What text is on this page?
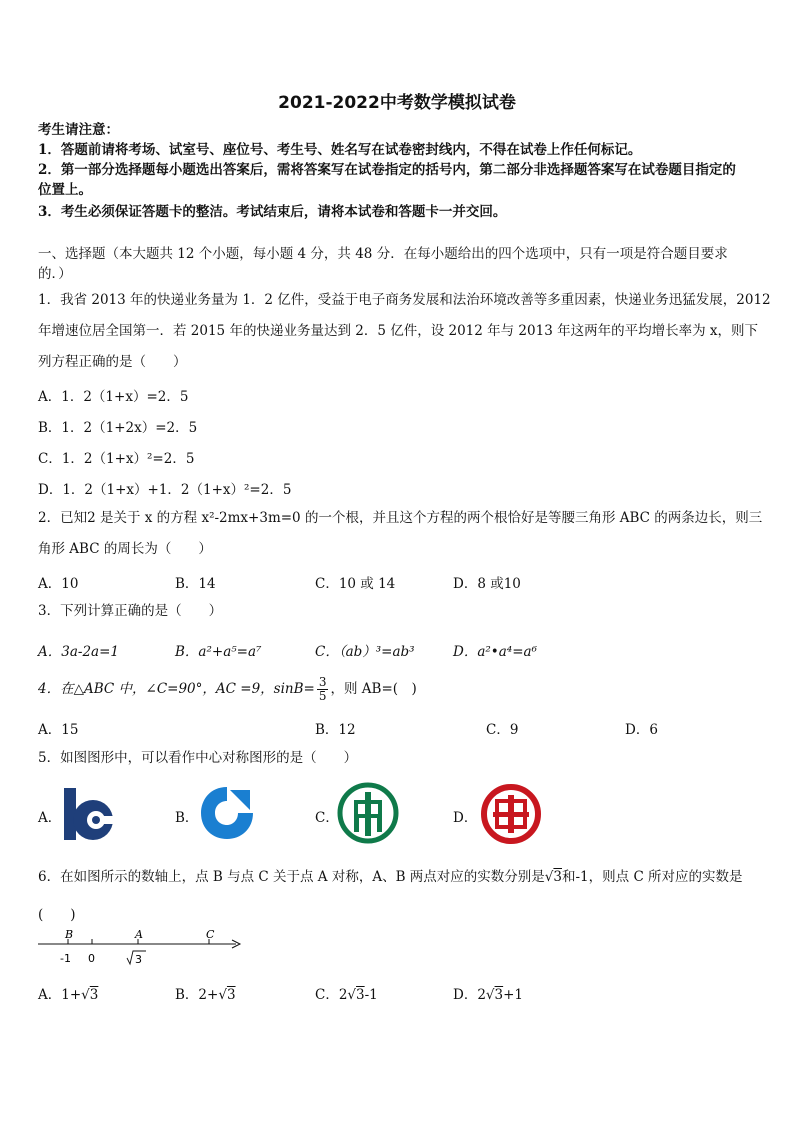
2021-2022中考数学模拟试卷
考生请注意：
1．答题前请将考场、试室号、座位号、考生号、姓名写在试卷密封线内，不得在试卷上作任何标记。
2．第一部分选择题每小题选出答案后，需将答案写在试卷指定的括号内，第二部分非选择题答案写在试卷题目指定的
位置上。
3．考生必须保证答题卡的整洁。考试结束后，请将本试卷和答题卡一并交回。
一、选择题（本大题共 12 个小题，每小题 4 分，共 48 分．在每小题给出的四个选项中，只有一项是符合题目要求
的．）
1．我省 2013 年的快递业务量为 1．2 亿件，受益于电子商务发展和法治环境改善等多重因素，快递业务迅猛发展，2012
年增速位居全国第一．若 2015 年的快递业务量达到 2．5 亿件，设 2012 年与 2013 年这两年的平均增长率为 x，则下
列方程正确的是（　　）
A．1．2（1+x）=2．5
B．1．2（1+2x）=2．5
C．1．2（1+x）²=2．5
D．1．2（1+x）+1．2（1+x）²=2．5
2．已知2 是关于 x 的方程 x²-2mx+3m=0 的一个根，并且这个方程的两个根恰好是等腰三角形 ABC 的两条边长，则三
角形 ABC 的周长为（　　）
A．10	B．14	C．10 或 14	D．8 或10
3．下列计算正确的是（　　）
A．3a-2a=1	B．a²+a⁵=a⁷	C．（ab）³=ab³	D．a²•a⁴=a⁶
4．在△ABC 中，∠C=90°，AC =9，$\sin B= \frac{3}{5}$ ，则 AB=(　)
A．15	B．12	C．9	D．6
5．如图图形中，可以看作中心对称图形的是（　　）
A．	B．	C．	D．
6．在如图所示的数轴上，点 B 与点 C 关于点 A 对称，A、B 两点对应的实数分别是√3和-1，则点 C 所对应的实数是
(　　)
B	A	C
-1 0	3
A．1+√3	B．2+√3	C．2√3-1	D．2√3+1
